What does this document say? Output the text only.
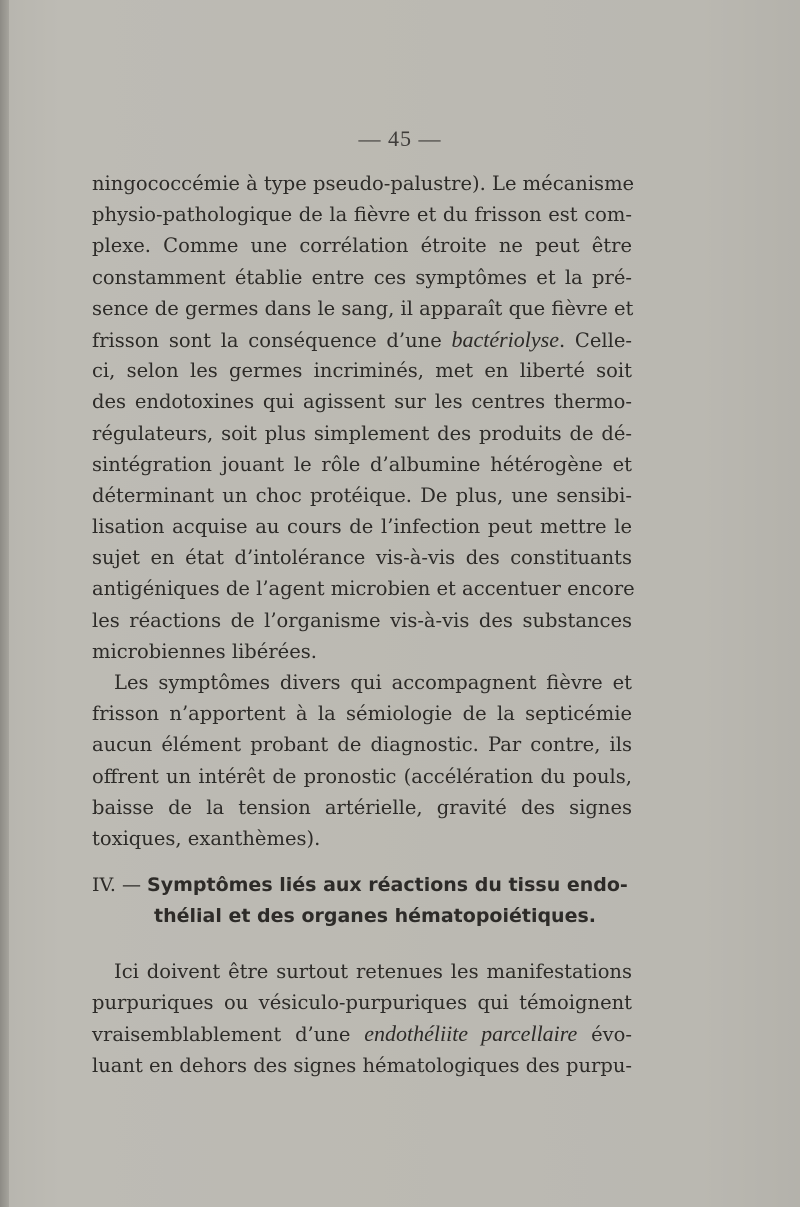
— 45 —
ningococcémie à type pseudo-palustre). Le mécanisme
physio-pathologique de la fièvre et du frisson est com-
plexe. Comme une corrélation étroite ne peut être
constamment établie entre ces symptômes et la pré-
sence de germes dans le sang, il apparaît que fièvre et
frisson sont la conséquence d’une bactériolyse. Celle-
ci, selon les germes incriminés, met en liberté soit
des endotoxines qui agissent sur les centres thermo-
régulateurs, soit plus simplement des produits de dé-
sintégration jouant le rôle d’albumine hétérogène et
déterminant un choc protéique. De plus, une sensibi-
lisation acquise au cours de l’infection peut mettre le
sujet en état d’intolérance vis-à-vis des constituants
antigéniques de l’agent microbien et accentuer encore
les réactions de l’organisme vis-à-vis des substances
microbiennes libérées.
Les symptômes divers qui accompagnent fièvre et
frisson n’apportent à la sémiologie de la septicémie
aucun élément probant de diagnostic. Par contre, ils
offrent un intérêt de pronostic (accélération du pouls,
baisse de la tension artérielle, gravité des signes
toxiques, exanthèmes).
IV. — Symptômes liés aux réactions du tissu endo-
thélial et des organes hématopoiétiques.
Ici doivent être surtout retenues les manifestations
purpuriques ou vésiculo-purpuriques qui témoignent
vraisemblablement d’une endothéliite parcellaire évo-
luant en dehors des signes hématologiques des purpu-
